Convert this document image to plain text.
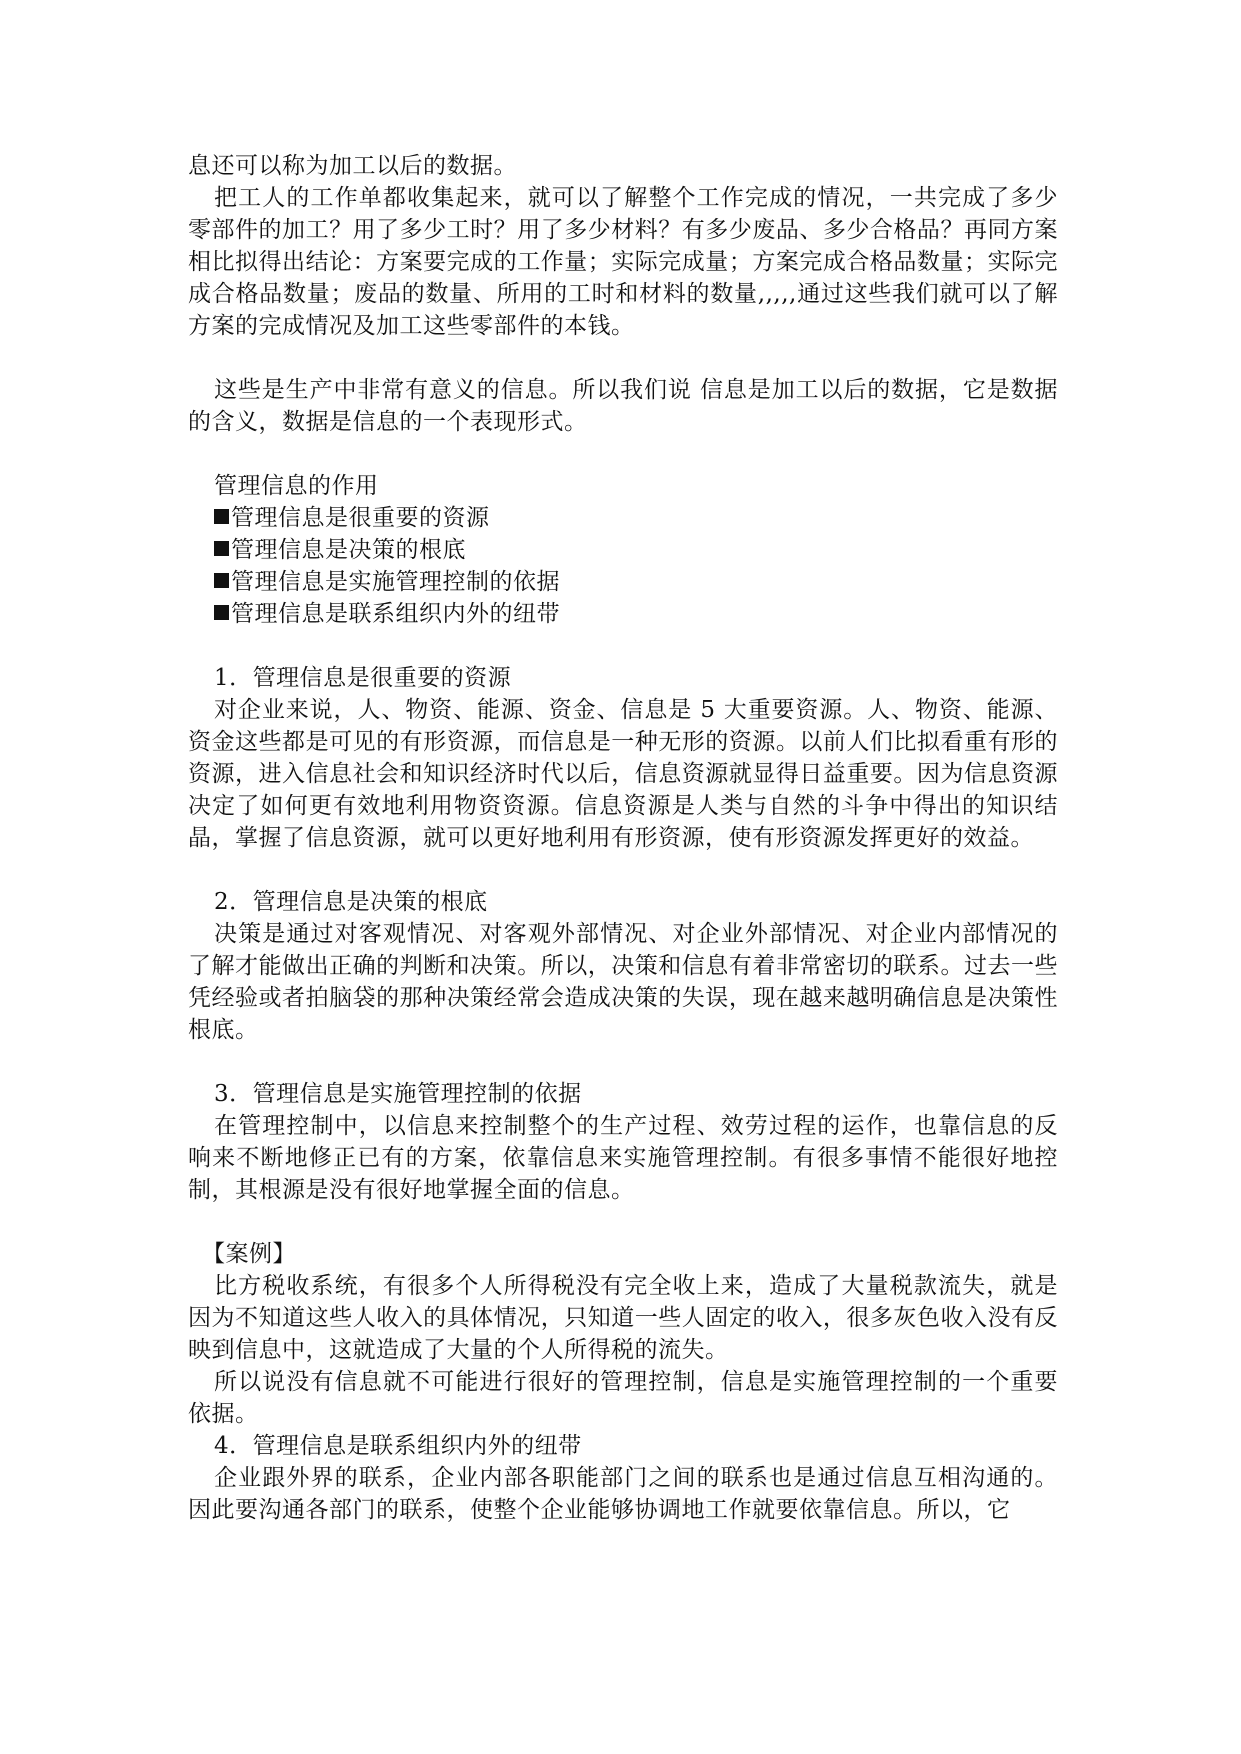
息还可以称为加工以后的数据。

把工人的工作单都收集起来，就可以了解整个工作完成的情况，一共完成了多少零部件的加工？用了多少工时？用了多少材料？有多少废品、多少合格品？再同方案相比拟得出结论：方案要完成的工作量；实际完成量；方案完成合格品数量；实际完成合格品数量；废品的数量、所用的工时和材料的数量,,,,,通过这些我们就可以了解方案的完成情况及加工这些零部件的本钱。

这些是生产中非常有意义的信息。所以我们说 信息是加工以后的数据，它是数据的含义，数据是信息的一个表现形式。

管理信息的作用

管理信息是很重要的资源
管理信息是决策的根底
管理信息是实施管理控制的依据
管理信息是联系组织内外的纽带

1．管理信息是很重要的资源

对企业来说，人、物资、能源、资金、信息是 5 大重要资源。人、物资、能源、资金这些都是可见的有形资源，而信息是一种无形的资源。以前人们比拟看重有形的资源，进入信息社会和知识经济时代以后，信息资源就显得日益重要。因为信息资源决定了如何更有效地利用物资资源。信息资源是人类与自然的斗争中得出的知识结晶，掌握了信息资源，就可以更好地利用有形资源，使有形资源发挥更好的效益。

2．管理信息是决策的根底

决策是通过对客观情况、对客观外部情况、对企业外部情况、对企业内部情况的了解才能做出正确的判断和决策。所以，决策和信息有着非常密切的联系。过去一些凭经验或者拍脑袋的那种决策经常会造成决策的失误，现在越来越明确信息是决策性根底。

3．管理信息是实施管理控制的依据

在管理控制中，以信息来控制整个的生产过程、效劳过程的运作，也靠信息的反响来不断地修正已有的方案，依靠信息来实施管理控制。有很多事情不能很好地控制，其根源是没有很好地掌握全面的信息。

【案例】

比方税收系统，有很多个人所得税没有完全收上来，造成了大量税款流失，就是因为不知道这些人收入的具体情况，只知道一些人固定的收入，很多灰色收入没有反映到信息中，这就造成了大量的个人所得税的流失。

所以说没有信息就不可能进行很好的管理控制，信息是实施管理控制的一个重要依据。

4．管理信息是联系组织内外的纽带

企业跟外界的联系，企业内部各职能部门之间的联系也是通过信息互相沟通的。因此要沟通各部门的联系，使整个企业能够协调地工作就要依靠信息。所以，它
